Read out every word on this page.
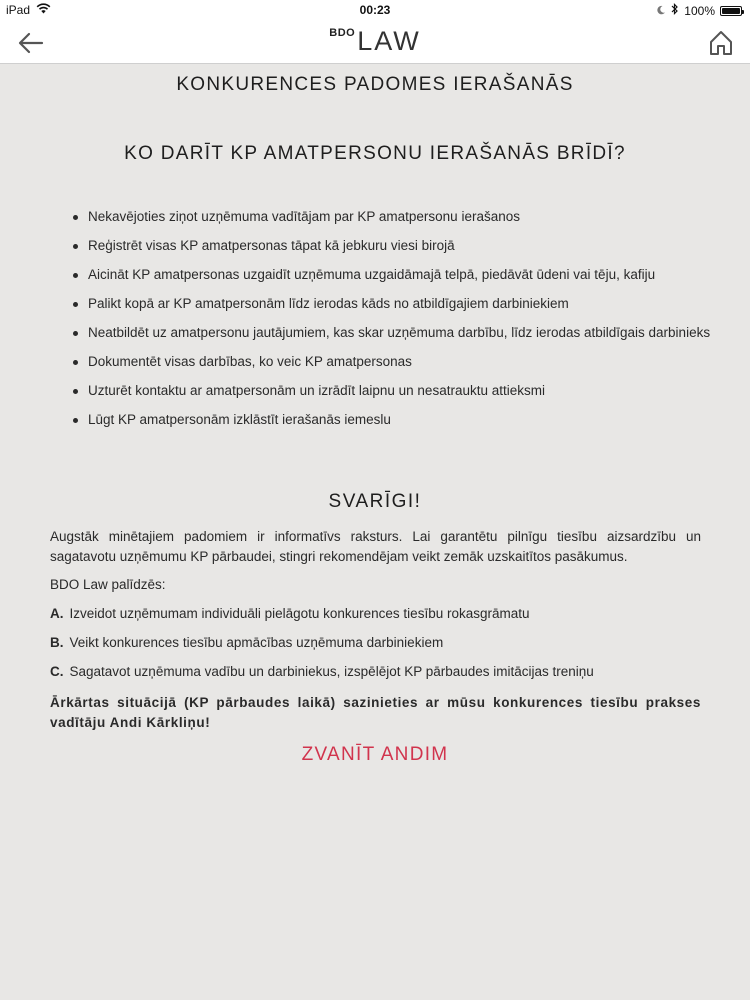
iPad	00:23	100%
$^{BDO}$LAW
KONKURENCES PADOMES IERAŠANĀS
KO DARĪT KP AMATPERSONU IERAŠANĀS BRĪDĪ?
Nekavējoties ziņot uzņēmuma vadītājam par KP amatpersonu ierašanos
Reģistrēt visas KP amatpersonas tāpat kā jebkuru viesi birojā
Aicināt KP amatpersonas uzgaidīt uzņēmuma uzgaidāmajā telpā, piedāvāt ūdeni vai tēju, kafiju
Palikt kopā ar KP amatpersonām līdz ierodas kāds no atbildīgajiem darbiniekiem
Neatbildēt uz amatpersonu jautājumiem, kas skar uzņēmuma darbību, līdz ierodas atbildīgais darbinieks
Dokumentēt visas darbības, ko veic KP amatpersonas
Uzturēt kontaktu ar amatpersonām un izrādīt laipnu un nesatrauktu attieksmi
Lūgt KP amatpersonām izklāstīt ierašanās iemeslu
SVARĪGI!
Augstāk minētajiem padomiem ir informatīvs raksturs. Lai garantētu pilnīgu tiesību aizsardzību un sagatavotu uzņēmumu KP pārbaudei, stingri rekomendējam veikt zemāk uzskaitītos pasākumus.
BDO Law palīdzēs:
A. Izveidot uzņēmumam individuāli pielāgotu konkurences tiesību rokasgrāmatu
B. Veikt konkurences tiesību apmācības uzņēmuma darbiniekiem
C. Sagatavot uzņēmuma vadību un darbiniekus, izspēlējot KP pārbaudes imitācijas treniņu
Ārkārtas situācijā (KP pārbaudes laikā) sazinieties ar mūsu konkurences tiesību prakses vadītāju Andi Kārkliņu!
ZVANĪT ANDIM
